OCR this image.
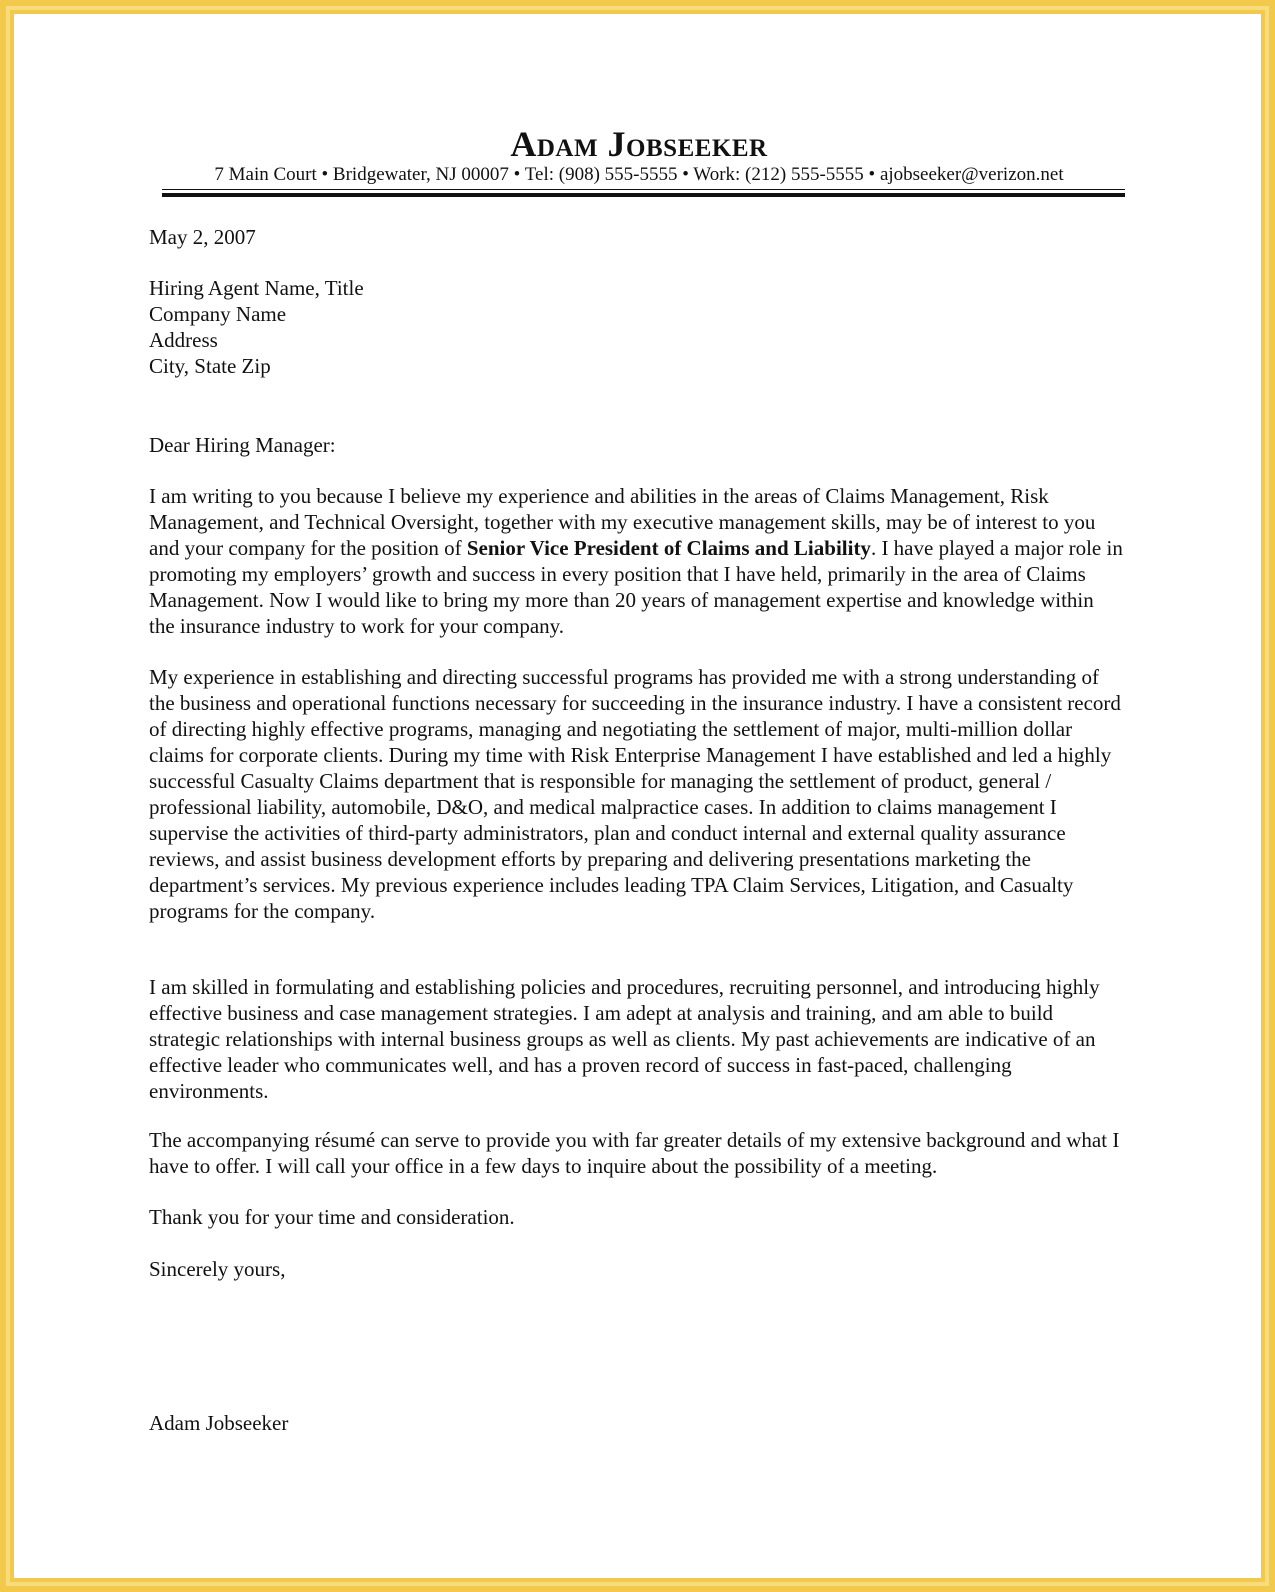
Adam Jobseeker
7 Main Court • Bridgewater, NJ 00007 • Tel: (908) 555-5555 • Work: (212) 555-5555 • ajobseeker@verizon.net

May 2, 2007

Hiring Agent Name, Title
Company Name
Address
City, State Zip

Dear Hiring Manager:

I am writing to you because I believe my experience and abilities in the areas of Claims Management, Risk Management, and Technical Oversight, together with my executive management skills, may be of interest to you and your company for the position of Senior Vice President of Claims and Liability. I have played a major role in promoting my employers’ growth and success in every position that I have held, primarily in the area of Claims Management. Now I would like to bring my more than 20 years of management expertise and knowledge within the insurance industry to work for your company.

My experience in establishing and directing successful programs has provided me with a strong understanding of the business and operational functions necessary for succeeding in the insurance industry. I have a consistent record of directing highly effective programs, managing and negotiating the settlement of major, multi-million dollar claims for corporate clients. During my time with Risk Enterprise Management I have established and led a highly successful Casualty Claims department that is responsible for managing the settlement of product, general / professional liability, automobile, D&O, and medical malpractice cases. In addition to claims management I supervise the activities of third-party administrators, plan and conduct internal and external quality assurance reviews, and assist business development efforts by preparing and delivering presentations marketing the department’s services. My previous experience includes leading TPA Claim Services, Litigation, and Casualty programs for the company.

I am skilled in formulating and establishing policies and procedures, recruiting personnel, and introducing highly effective business and case management strategies. I am adept at analysis and training, and am able to build strategic relationships with internal business groups as well as clients. My past achievements are indicative of an effective leader who communicates well, and has a proven record of success in fast-paced, challenging environments.

The accompanying résumé can serve to provide you with far greater details of my extensive background and what I have to offer. I will call your office in a few days to inquire about the possibility of a meeting.

Thank you for your time and consideration.

Sincerely yours,

Adam Jobseeker
